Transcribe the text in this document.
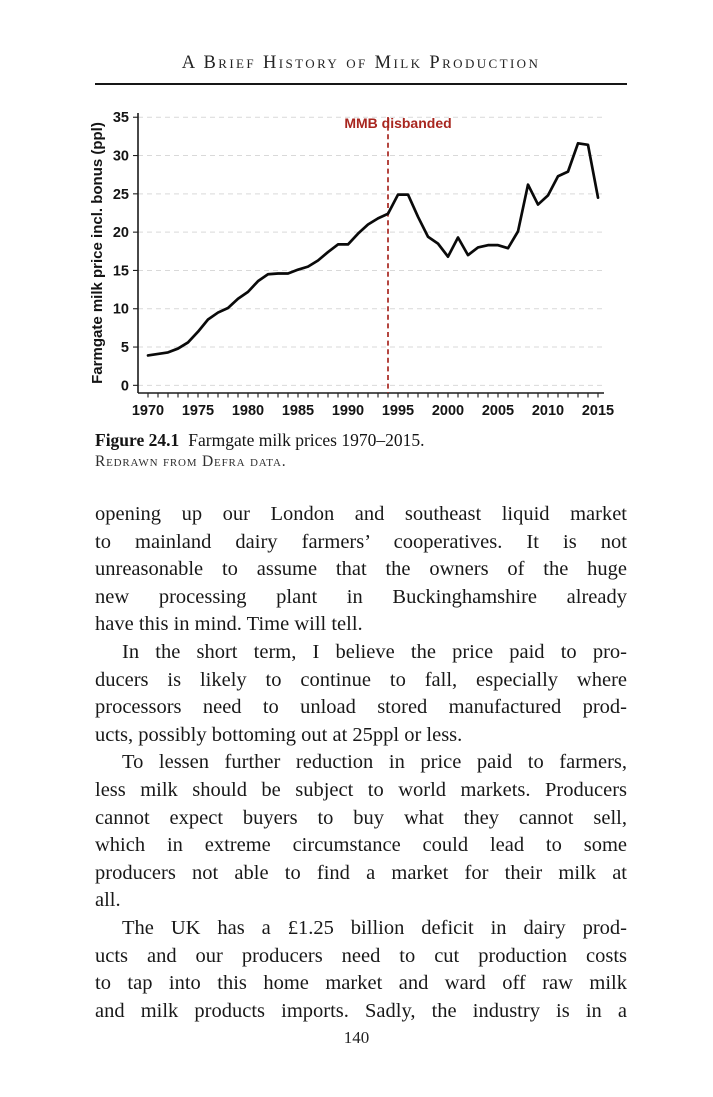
A Brief History of Milk Production
0
5
10
15
20
25
30
35
1970 1975 1980 1985 1990 1995 2000 2005 2010 2015
Farmgate milk price incl. bonus (ppl)	MMB disbanded
Figure 24.1 Farmgate milk prices 1970–2015.
Redrawn from Defra data.
opening up our London and southeast liquid market
to mainland dairy farmers’ cooperatives. It is not
unreasonable to assume that the owners of the huge
new processing plant in Buckinghamshire already
have this in mind. Time will tell.
In the short term, I believe the price paid to pro-
ducers is likely to continue to fall, especially where
processors need to unload stored manufactured prod-
ucts, possibly bottoming out at 25ppl or less.
To lessen further reduction in price paid to farmers,
less milk should be subject to world markets. Producers
cannot expect buyers to buy what they cannot sell,
which in extreme circumstance could lead to some
producers not able to find a market for their milk at
all.
The UK has a £1.25 billion deficit in dairy prod-
ucts and our producers need to cut production costs
to tap into this home market and ward off raw milk
and milk products imports. Sadly, the industry is in a
140
